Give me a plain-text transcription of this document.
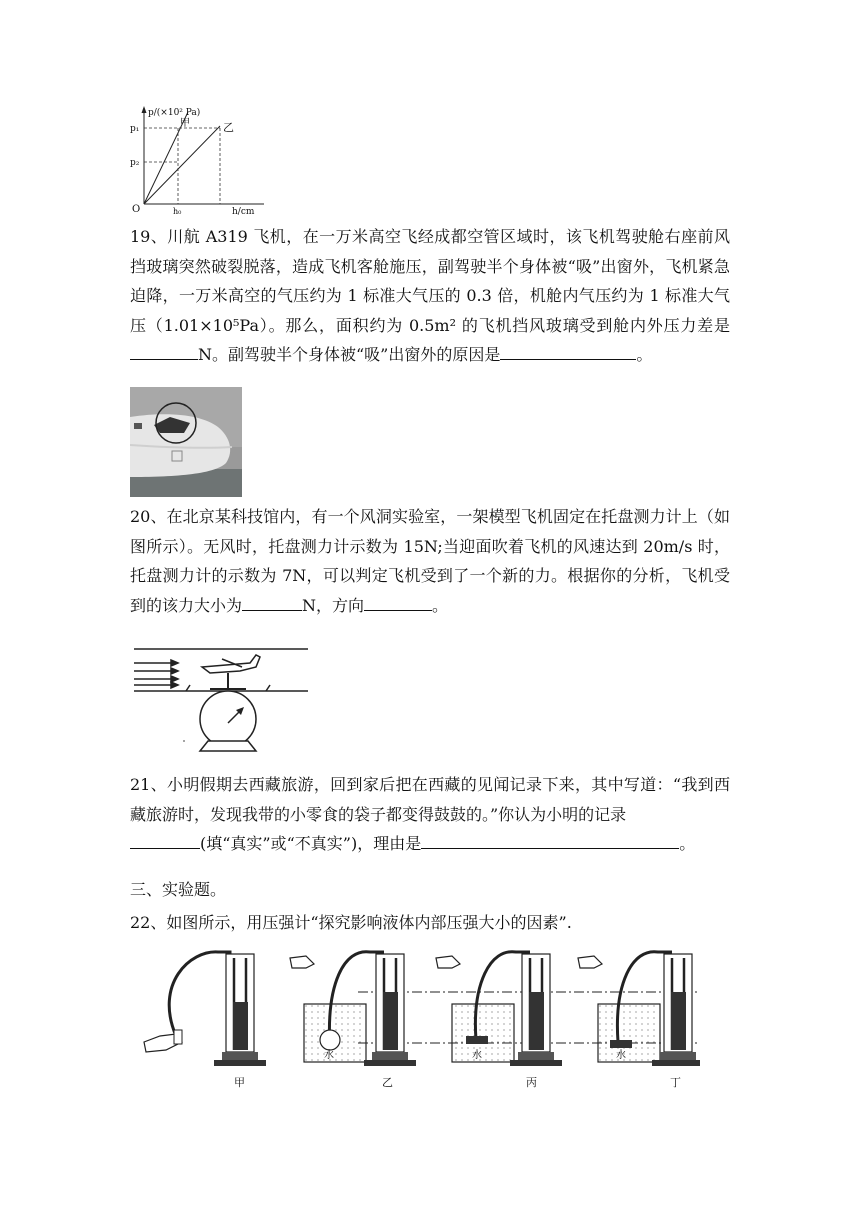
p/(×10² Pa)
甲	乙
p₁
p₂
O	h₀	h/cm
19、川航 A319 飞机，在一万米高空飞经成都空管区域时，该飞机驾驶舱右座前风挡玻璃突然破裂脱落，造成飞机客舱施压，副驾驶半个身体被“吸”出窗外，飞机紧急迫降，一万米高空的气压约为 1 标准大气压的 0.3 倍，机舱内气压约为 1 标准大气压（1.01×10⁵Pa）。那么，面积约为 0.5m² 的飞机挡风玻璃受到舱内外压力差是N。副驾驶半个身体被“吸”出窗外的原因是	。
20、在北京某科技馆内，有一个风洞实验室，一架模型飞机固定在托盘测力计上（如图所示）。无风时，托盘测力计示数为 15N;当迎面吹着飞机的风速达到 20m/s 时，托盘测力计的示数为 7N，可以判定飞机受到了一个新的力。根据你的分析，飞机受到的该力大小为	N，方向	。
21、小明假期去西藏旅游，回到家后把在西藏的见闻记录下来，其中写道：“我到西藏旅游时，发现我带的小零食的袋子都变得鼓鼓的。”你认为小明的记录
(填“真实”或“不真实”)，理由是	。
三、实验题。
22、如图所示，用压强计“探究影响液体内部压强大小的因素”.
水	水	水
甲	乙	丙	丁
